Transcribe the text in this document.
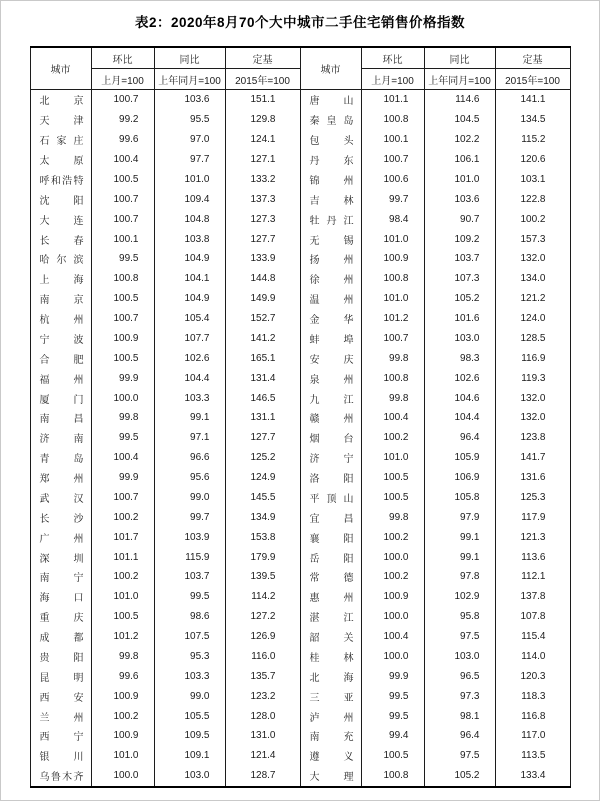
表2：2020年8月70个大中城市二手住宅销售价格指数
城市	环比	同比	定基	城市	环比	同比	定基
	上月=100	上年同月=100	2015年=100		上月=100	上年同月=100	2015年=100

北 京	100.7	103.6	151.1	唐 山	101.1	114.6	141.1

天 津	99.2	95.5	129.8	秦 皇 岛	100.8	104.5	134.5

石 家 庄	99.6	97.0	124.1	包 头	100.1	102.2	115.2

太 原	100.4	97.7	127.1	丹 东	100.7	106.1	120.6

呼 和 浩 特	100.5	101.0	133.2	锦 州	100.6	101.0	103.1

沈 阳	100.7	109.4	137.3	吉 林	99.7	103.6	122.8

大 连	100.7	104.8	127.3	牡 丹 江	98.4	90.7	100.2

长 春	100.1	103.8	127.7	无 锡	101.0	109.2	157.3

哈 尔 滨	99.5	104.9	133.9	扬 州	100.9	103.7	132.0

上 海	100.8	104.1	144.8	徐 州	100.8	107.3	134.0

南 京	100.5	104.9	149.9	温 州	101.0	105.2	121.2

杭 州	100.7	105.4	152.7	金 华	101.2	101.6	124.0

宁 波	100.9	107.7	141.2	蚌 埠	100.7	103.0	128.5

合 肥	100.5	102.6	165.1	安 庆	99.8	98.3	116.9

福 州	99.9	104.4	131.4	泉 州	100.8	102.6	119.3

厦 门	100.0	103.3	146.5	九 江	99.8	104.6	132.0

南 昌	99.8	99.1	131.1	赣 州	100.4	104.4	132.0

济 南	99.5	97.1	127.7	烟 台	100.2	96.4	123.8

青 岛	100.4	96.6	125.2	济 宁	101.0	105.9	141.7

郑 州	99.9	95.6	124.9	洛 阳	100.5	106.9	131.6

武 汉	100.7	99.0	145.5	平 顶 山	100.5	105.8	125.3

长 沙	100.2	99.7	134.9	宜 昌	99.8	97.9	117.9

广 州	101.7	103.9	153.8	襄 阳	100.2	99.1	121.3

深 圳	101.1	115.9	179.9	岳 阳	100.0	99.1	113.6

南 宁	100.2	103.7	139.5	常 德	100.2	97.8	112.1

海 口	101.0	99.5	114.2	惠 州	100.9	102.9	137.8

重 庆	100.5	98.6	127.2	湛 江	100.0	95.8	107.8

成 都	101.2	107.5	126.9	韶 关	100.4	97.5	115.4

贵 阳	99.8	95.3	116.0	桂 林	100.0	103.0	114.0

昆 明	99.6	103.3	135.7	北 海	99.9	96.5	120.3

西 安	100.9	99.0	123.2	三 亚	99.5	97.3	118.3

兰 州	100.2	105.5	128.0	泸 州	99.5	98.1	116.8

西 宁	100.9	109.5	131.0	南 充	99.4	96.4	117.0

银 川	101.0	109.1	121.4	遵 义	100.5	97.5	113.5

乌 鲁 木 齐	100.0	103.0	128.7	大 理	100.8	105.2	133.4
